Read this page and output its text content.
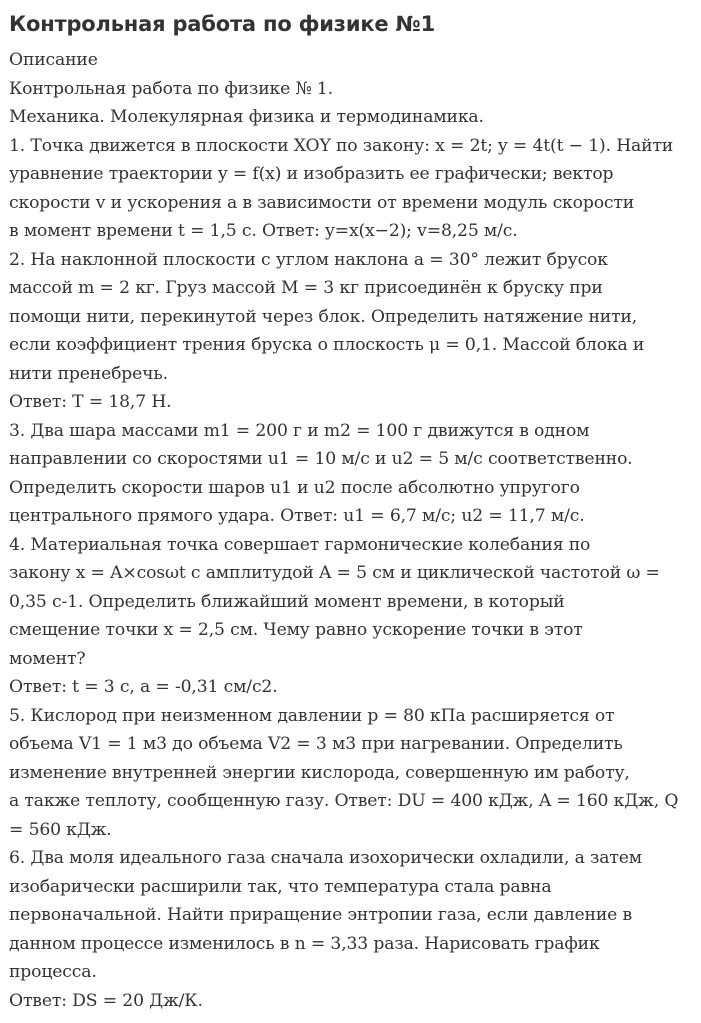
Контрольная работа по физике №1

Описание

Контрольная работа по физике № 1.

Механика. Молекулярная физика и термодинамика.

1. Точка движется в плоскости XOY по закону: x = 2t; y = 4t(t − 1). Найти

уравнение траектории y = f(x) и изобразить ее графически; вектор

скорости v и ускорения a в зависимости от времени модуль скорости

в момент времени t = 1,5 с. Ответ: y=x(x−2); v=8,25 м/с.

2. На наклонной плоскости с углом наклона a = 30° лежит брусок

массой m = 2 кг. Груз массой M = 3 кг присоединён к бруску при

помощи нити, перекинутой через блок. Определить натяжение нити,

если коэффициент трения бруска о плоскость μ = 0,1. Массой блока и

нити пренебречь.

Ответ: T = 18,7 H.

3. Два шара массами m1 = 200 г и m2 = 100 г движутся в одном

направлении со скоростями u1 = 10 м/с и u2 = 5 м/с соответственно.

Определить скорости шаров u1 и u2 после абсолютно упругого

центрального прямого удара. Ответ: u1 = 6,7 м/с; u2 = 11,7 м/с.

4. Материальная точка совершает гармонические колебания по

закону x = A×cosωt с амплитудой A = 5 см и циклической частотой ω =

0,35 с-1. Определить ближайший момент времени, в который

смещение точки x = 2,5 см. Чему равно ускорение точки в этот

момент?

Ответ: t = 3 с, a = -0,31 см/с2.

5. Кислород при неизменном давлении p = 80 кПа расширяется от

объема V1 = 1 м3 до объема V2 = 3 м3 при нагревании. Определить

изменение внутренней энергии кислорода, совершенную им работу,

а также теплоту, сообщенную газу. Ответ: DU = 400 кДж, A = 160 кДж, Q

= 560 кДж.

6. Два моля идеального газа сначала изохорически охладили, а затем

изобарически расширили так, что температура стала равна

первоначальной. Найти приращение энтропии газа, если давление в

данном процессе изменилось в n = 3,33 раза. Нарисовать график

процесса.

Ответ: DS = 20 Дж/К.
